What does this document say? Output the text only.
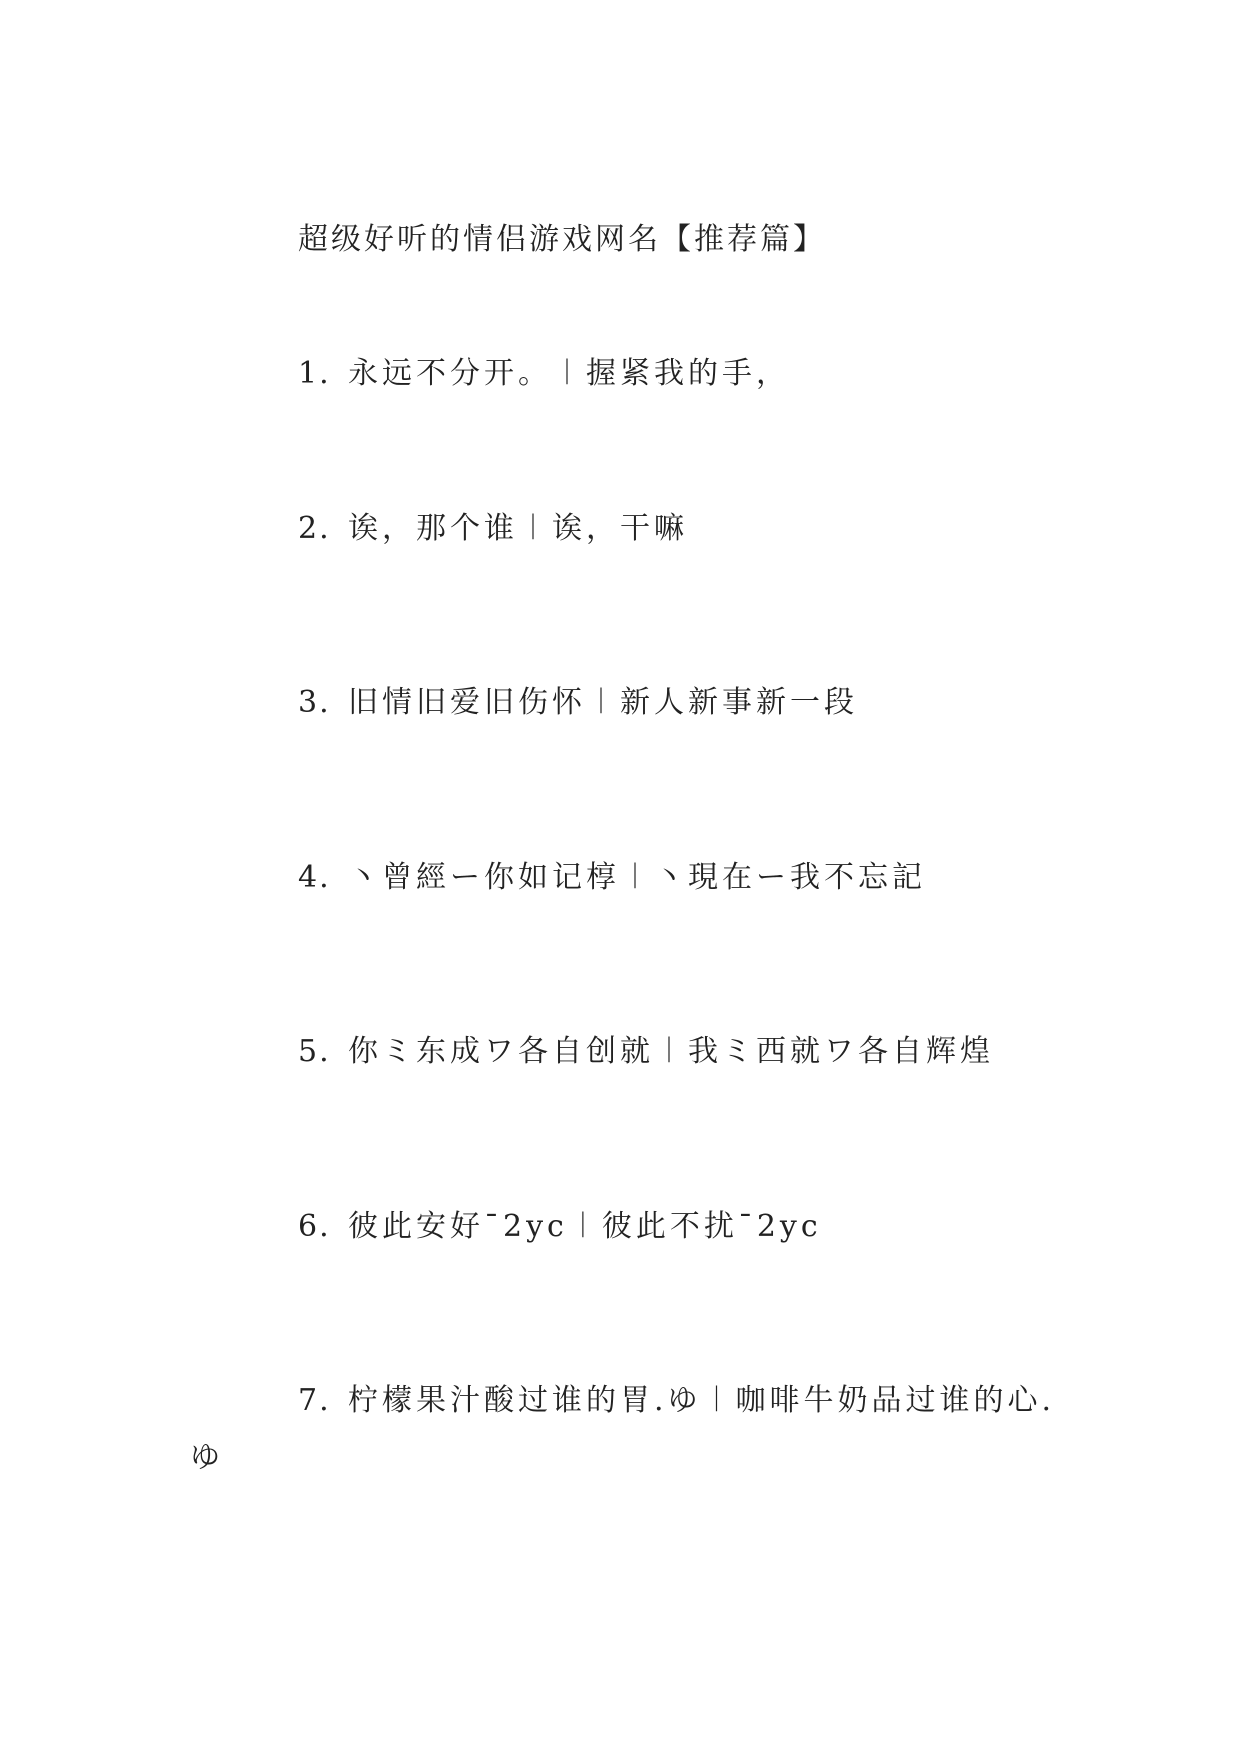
超级好听的情侣游戏网名【推荐篇】
1. 永远不分开。︱握紧我的手，
2. 诶，那个谁︱诶，干嘛
3. 旧情旧爱旧伤怀︱新人新事新一段
4. 丶曾經ー你如记椁︱丶現在ー我不忘記
5. 你ミ东成ワ各自创就︱我ミ西就ワ各自辉煌
6. 彼此安好ˉ2yc︱彼此不扰ˉ2yc
7. 柠檬果汁酸过谁的胃.ゆ︱咖啡牛奶品过谁的心.
ゆ
